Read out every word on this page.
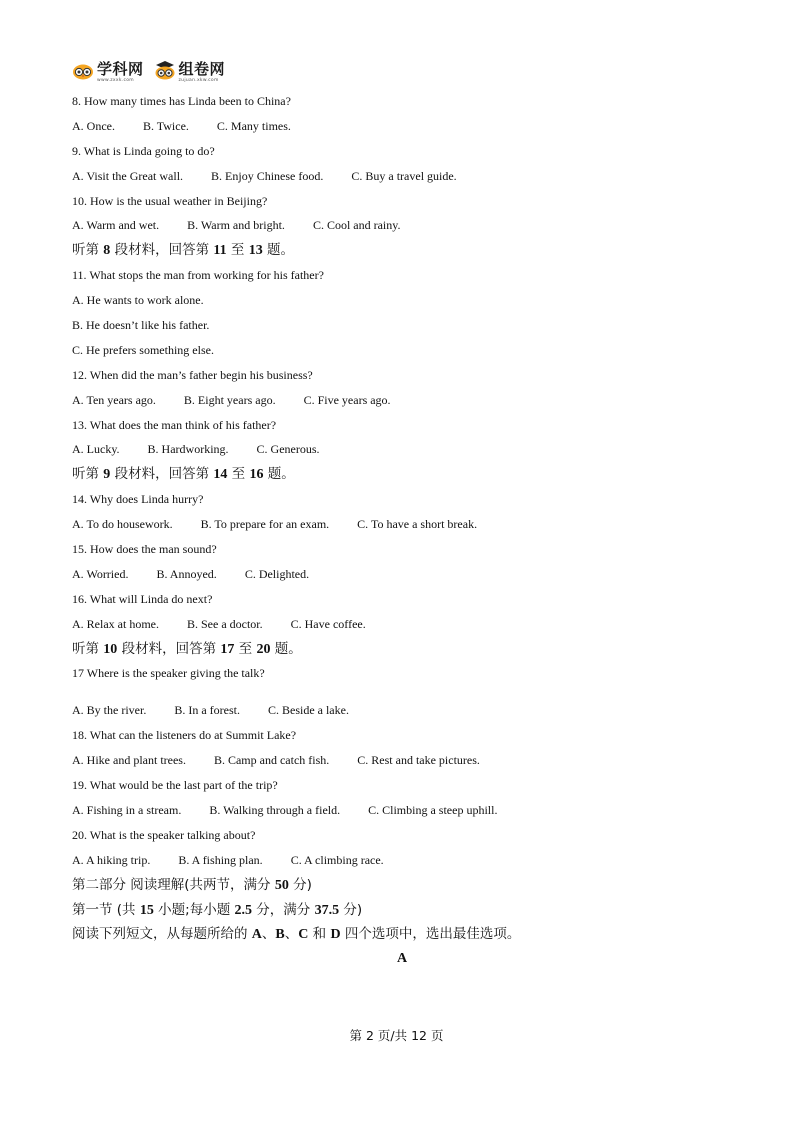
学科网
www.zxxk.com
组卷网
zujuan.xkw.com
8. How many times has Linda been to China?
A. Once. B. Twice. C. Many times.
9. What is Linda going to do?
A. Visit the Great wall. B. Enjoy Chinese food. C. Buy a travel guide.
10. How is the usual weather in Beijing?
A. Warm and wet. B. Warm and bright. C. Cool and rainy.
听第 8 段材料，回答第 11 至 13 题。
11. What stops the man from working for his father?
A. He wants to work alone.
B. He doesn’t like his father.
C. He prefers something else.
12. When did the man’s father begin his business?
A. Ten years ago. B. Eight years ago. C. Five years ago.
13. What does the man think of his father?
A. Lucky. B. Hardworking. C. Generous.
听第 9 段材料，回答第 14 至 16 题。
14. Why does Linda hurry?
A. To do housework. B. To prepare for an exam. C. To have a short break.
15. How does the man sound?
A. Worried. B. Annoyed. C. Delighted.
16. What will Linda do next?
A. Relax at home. B. See a doctor. C. Have coffee.
听第 10 段材料，回答第 17 至 20 题。
17 Where is the speaker giving the talk?
A. By the river. B. In a forest. C. Beside a lake.
18. What can the listeners do at Summit Lake?
A. Hike and plant trees. B. Camp and catch fish. C. Rest and take pictures.
19. What would be the last part of the trip?
A. Fishing in a stream. B. Walking through a field. C. Climbing a steep uphill.
20. What is the speaker talking about?
A. A hiking trip. B. A fishing plan. C. A climbing race.
第二部分 阅读理解(共两节，满分 50 分)
第一节 (共 15 小题;每小题 2.5 分，满分 37.5 分)
阅读下列短文，从每题所给的 A、B、C 和 D 四个选项中，选出最佳选项。
A
第 2 页/共 12 页
